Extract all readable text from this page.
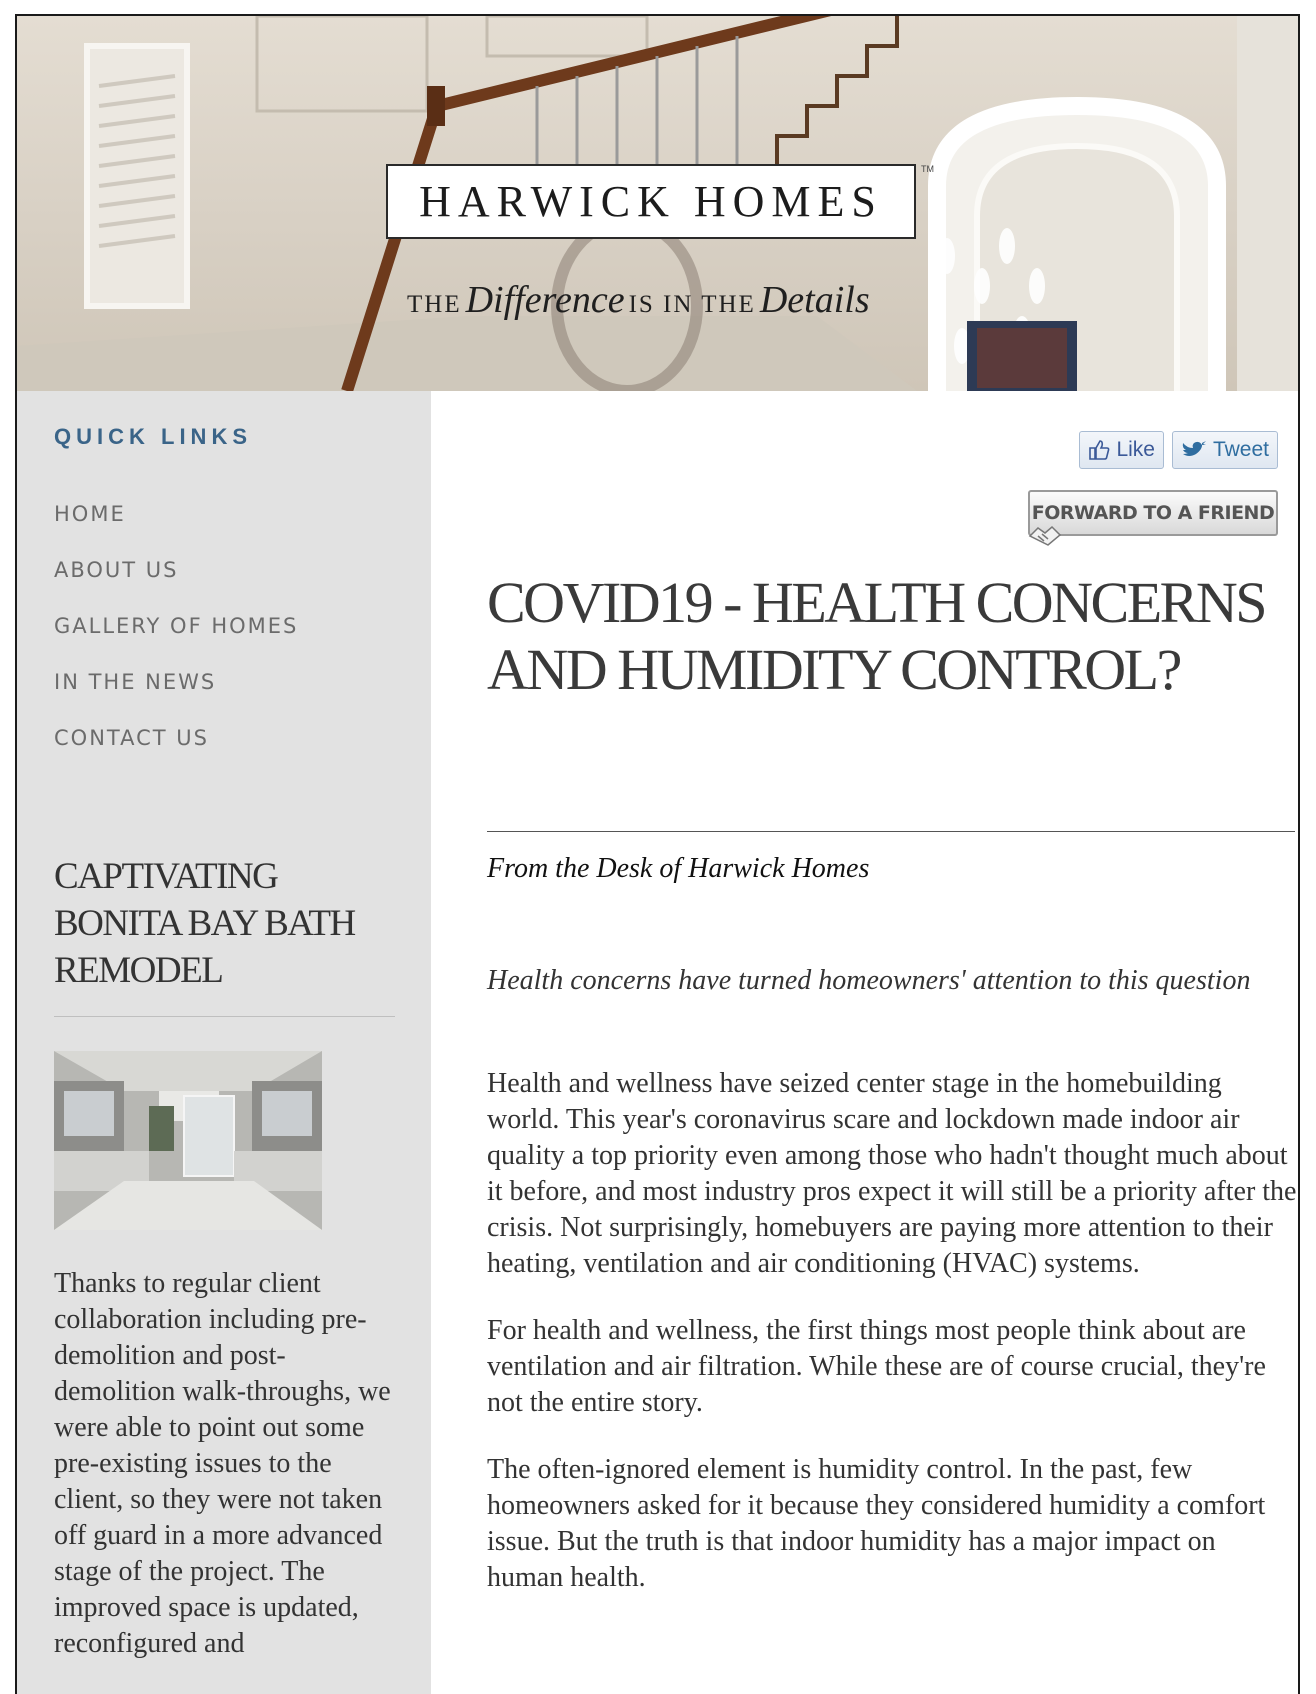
HARWICK HOMES
TM
THE Difference IS IN THE Details
QUICK LINKS
HOME
ABOUT US
GALLERY OF HOMES
IN THE NEWS
CONTACT US
CAPTIVATING BONITA BAY BATH REMODEL
Thanks to regular client collaboration including pre-demolition and post-demolition walk-throughs, we were able to point out some pre-existing issues to the client, so they were not taken off guard in a more advanced stage of the project. The improved space is updated, reconfigured and
Like	Tweet
FORWARD TO A FRIEND
COVID19 - HEALTH CONCERNS AND HUMIDITY CONTROL?
From the Desk of Harwick Homes
Health concerns have turned homeowners' attention to this question

Health and wellness have seized center stage in the homebuilding world. This year's coronavirus scare and lockdown made indoor air quality a top priority even among those who hadn't thought much about it before, and most industry pros expect it will still be a priority after the crisis. Not surprisingly, homebuyers are paying more attention to their heating, ventilation and air conditioning (HVAC) systems.

For health and wellness, the first things most people think about are ventilation and air filtration. While these are of course crucial, they're not the entire story.

The often-ignored element is humidity control. In the past, few homeowners asked for it because they considered humidity a comfort issue. But the truth is that indoor humidity has a major impact on human health.
